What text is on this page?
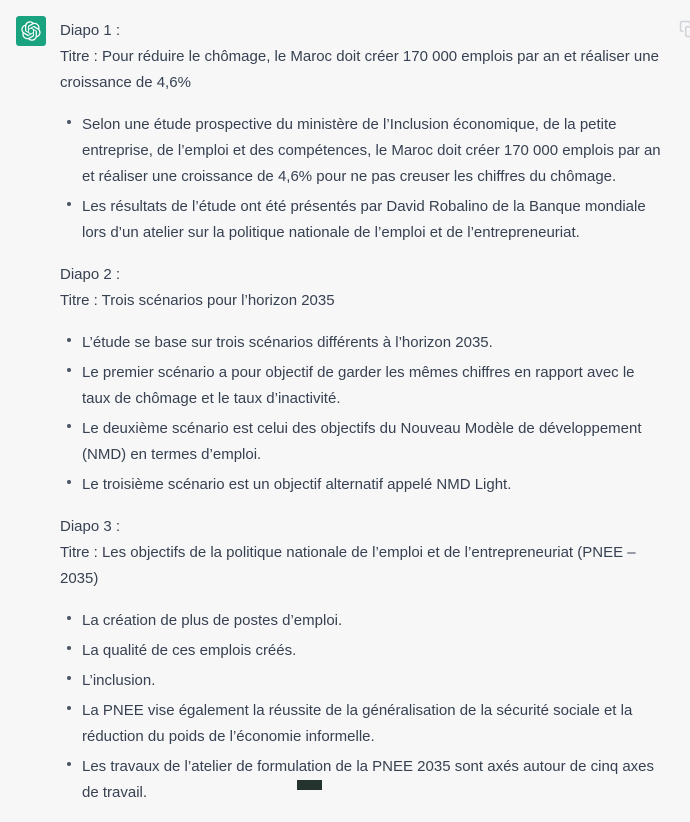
Diapo 1 :
Titre : Pour réduire le chômage, le Maroc doit créer 170 000 emplois par an et réaliser une croissance de 4,6%
Selon une étude prospective du ministère de l’Inclusion économique, de la petite entreprise, de l’emploi et des compétences, le Maroc doit créer 170 000 emplois par an et réaliser une croissance de 4,6% pour ne pas creuser les chiffres du chômage.
Les résultats de l’étude ont été présentés par David Robalino de la Banque mondiale lors d’un atelier sur la politique nationale de l’emploi et de l’entrepreneuriat.
Diapo 2 :
Titre : Trois scénarios pour l’horizon 2035
L’étude se base sur trois scénarios différents à l’horizon 2035.
Le premier scénario a pour objectif de garder les mêmes chiffres en rapport avec le taux de chômage et le taux d’inactivité.
Le deuxième scénario est celui des objectifs du Nouveau Modèle de développement (NMD) en termes d’emploi.
Le troisième scénario est un objectif alternatif appelé NMD Light.
Diapo 3 :
Titre : Les objectifs de la politique nationale de l’emploi et de l’entrepreneuriat (PNEE – 2035)
La création de plus de postes d’emploi.
La qualité de ces emplois créés.
L’inclusion.
La PNEE vise également la réussite de la généralisation de la sécurité sociale et la réduction du poids de l’économie informelle.
Les travaux de l’atelier de formulation de la PNEE 2035 sont axés autour de cinq axes de travail.
